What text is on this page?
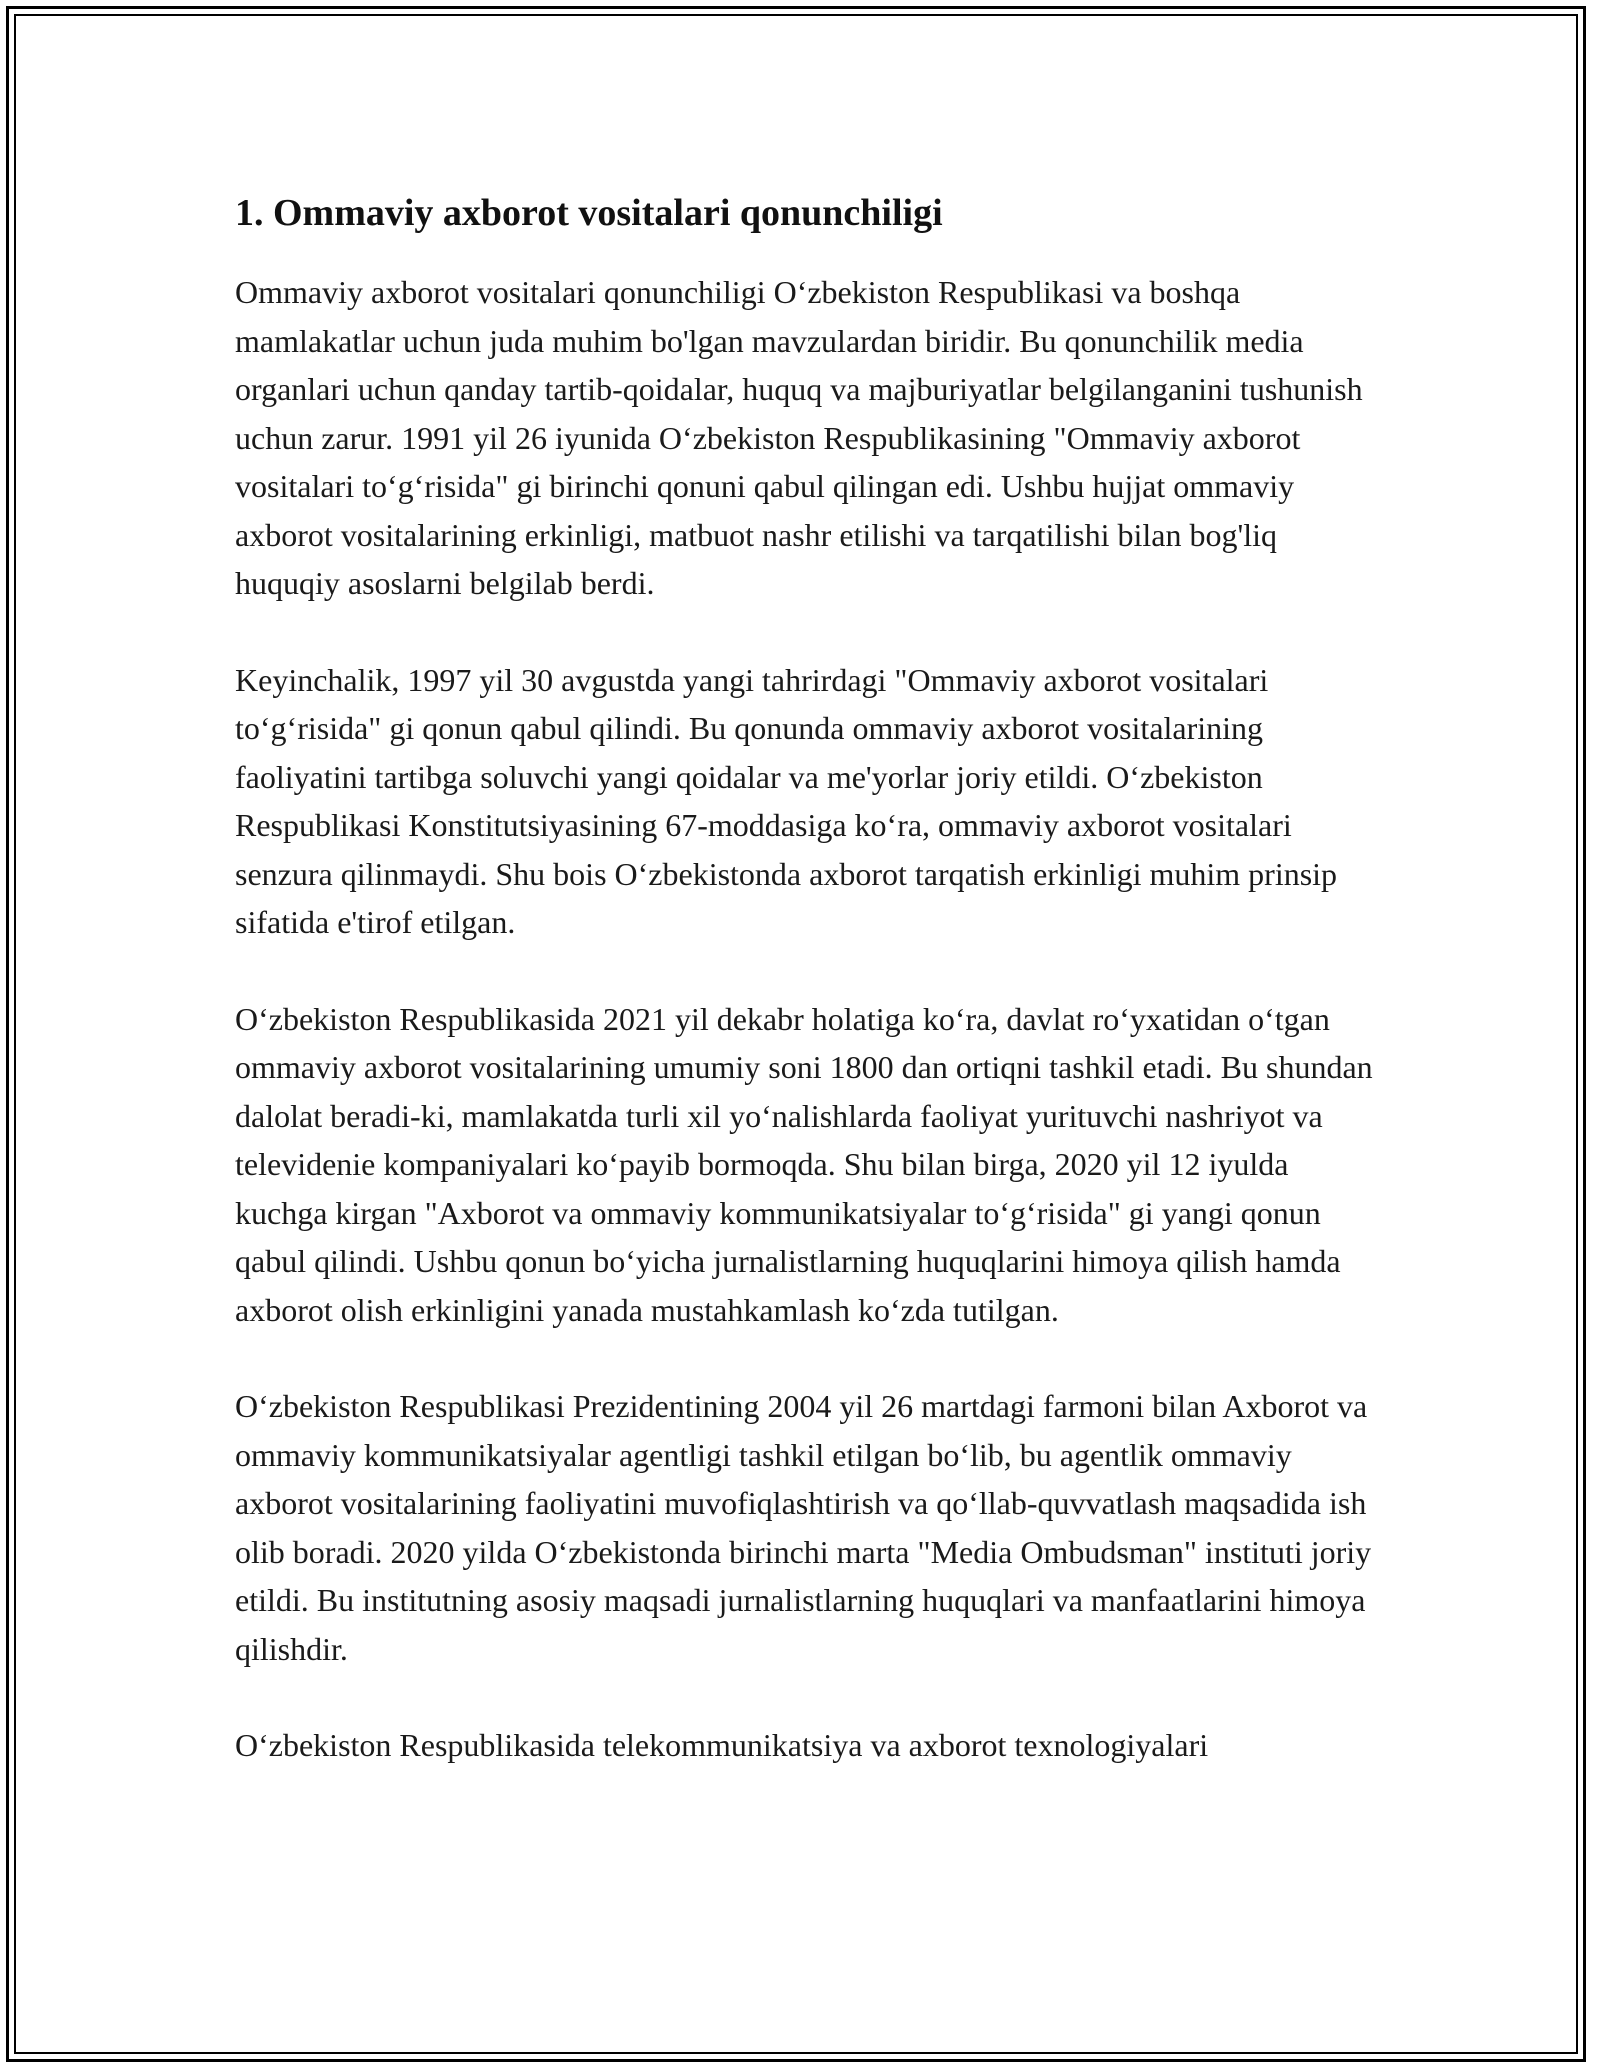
1. Ommaviy axborot vositalari qonunchiligi

Ommaviy axborot vositalari qonunchiligi O‘zbekiston Respublikasi va boshqa mamlakatlar uchun juda muhim bo'lgan mavzulardan biridir. Bu qonunchilik media organlari uchun qanday tartib-qoidalar, huquq va majburiyatlar belgilanganini tushunish uchun zarur. 1991 yil 26 iyunida O‘zbekiston Respublikasining "Ommaviy axborot vositalari to‘g‘risida" gi birinchi qonuni qabul qilingan edi. Ushbu hujjat ommaviy axborot vositalarining erkinligi, matbuot nashr etilishi va tarqatilishi bilan bog'liq huquqiy asoslarni belgilab berdi.

Keyinchalik, 1997 yil 30 avgustda yangi tahrirdagi "Ommaviy axborot vositalari to‘g‘risida" gi qonun qabul qilindi. Bu qonunda ommaviy axborot vositalarining faoliyatini tartibga soluvchi yangi qoidalar va me'yorlar joriy etildi. O‘zbekiston Respublikasi Konstitutsiyasining 67-moddasiga ko‘ra, ommaviy axborot vositalari senzura qilinmaydi. Shu bois O‘zbekistonda axborot tarqatish erkinligi muhim prinsip sifatida e'tirof etilgan.

O‘zbekiston Respublikasida 2021 yil dekabr holatiga ko‘ra, davlat ro‘yxatidan o‘tgan ommaviy axborot vositalarining umumiy soni 1800 dan ortiqni tashkil etadi. Bu shundan dalolat beradi-ki, mamlakatda turli xil yo‘nalishlarda faoliyat yurituvchi nashriyot va televidenie kompaniyalari ko‘payib bormoqda. Shu bilan birga, 2020 yil 12 iyulda kuchga kirgan "Axborot va ommaviy kommunikatsiyalar to‘g‘risida" gi yangi qonun qabul qilindi. Ushbu qonun bo‘yicha jurnalistlarning huquqlarini himoya qilish hamda axborot olish erkinligini yanada mustahkamlash ko‘zda tutilgan.

O‘zbekiston Respublikasi Prezidentining 2004 yil 26 martdagi farmoni bilan Axborot va ommaviy kommunikatsiyalar agentligi tashkil etilgan bo‘lib, bu agentlik ommaviy axborot vositalarining faoliyatini muvofiqlashtirish va qo‘llab-quvvatlash maqsadida ish olib boradi. 2020 yilda O‘zbekistonda birinchi marta "Media Ombudsman" instituti joriy etildi. Bu institutning asosiy maqsadi jurnalistlarning huquqlari va manfaatlarini himoya qilishdir.

O‘zbekiston Respublikasida telekommunikatsiya va axborot texnologiyalari
